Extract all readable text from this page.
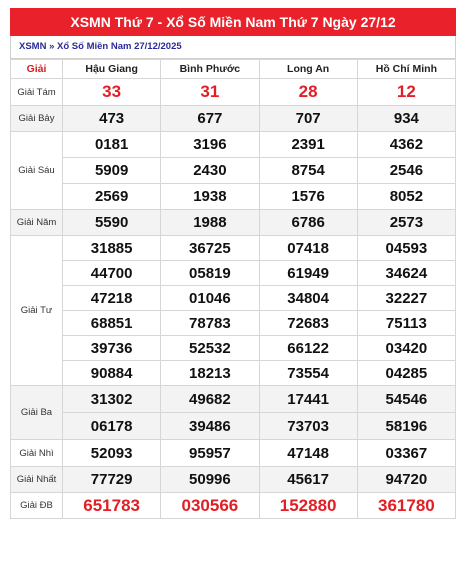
XSMN Thứ 7 - Xổ Số Miền Nam Thứ 7 Ngày 27/12
XSMN » Xổ Số Miền Nam 27/12/2025
Giải	Hậu Giang	Bình Phước	Long An	Hồ Chí Minh
Giải Tám	33	31	28	12
Giải Bảy	473	677	707	934
Giải Sáu	0181	3196	2391	4362
	5909	2430	8754	2546
	2569	1938	1576	8052
Giải Năm	5590	1988	6786	2573
Giải Tư	31885	36725	07418	04593
	44700	05819	61949	34624
	47218	01046	34804	32227
	68851	78783	72683	75113
	39736	52532	66122	03420
	90884	18213	73554	04285
Giải Ba	31302	49682	17441	54546
	06178	39486	73703	58196
Giải Nhì	52093	95957	47148	03367
Giải Nhất	77729	50996	45617	94720
Giải ĐB	651783	030566	152880	361780
